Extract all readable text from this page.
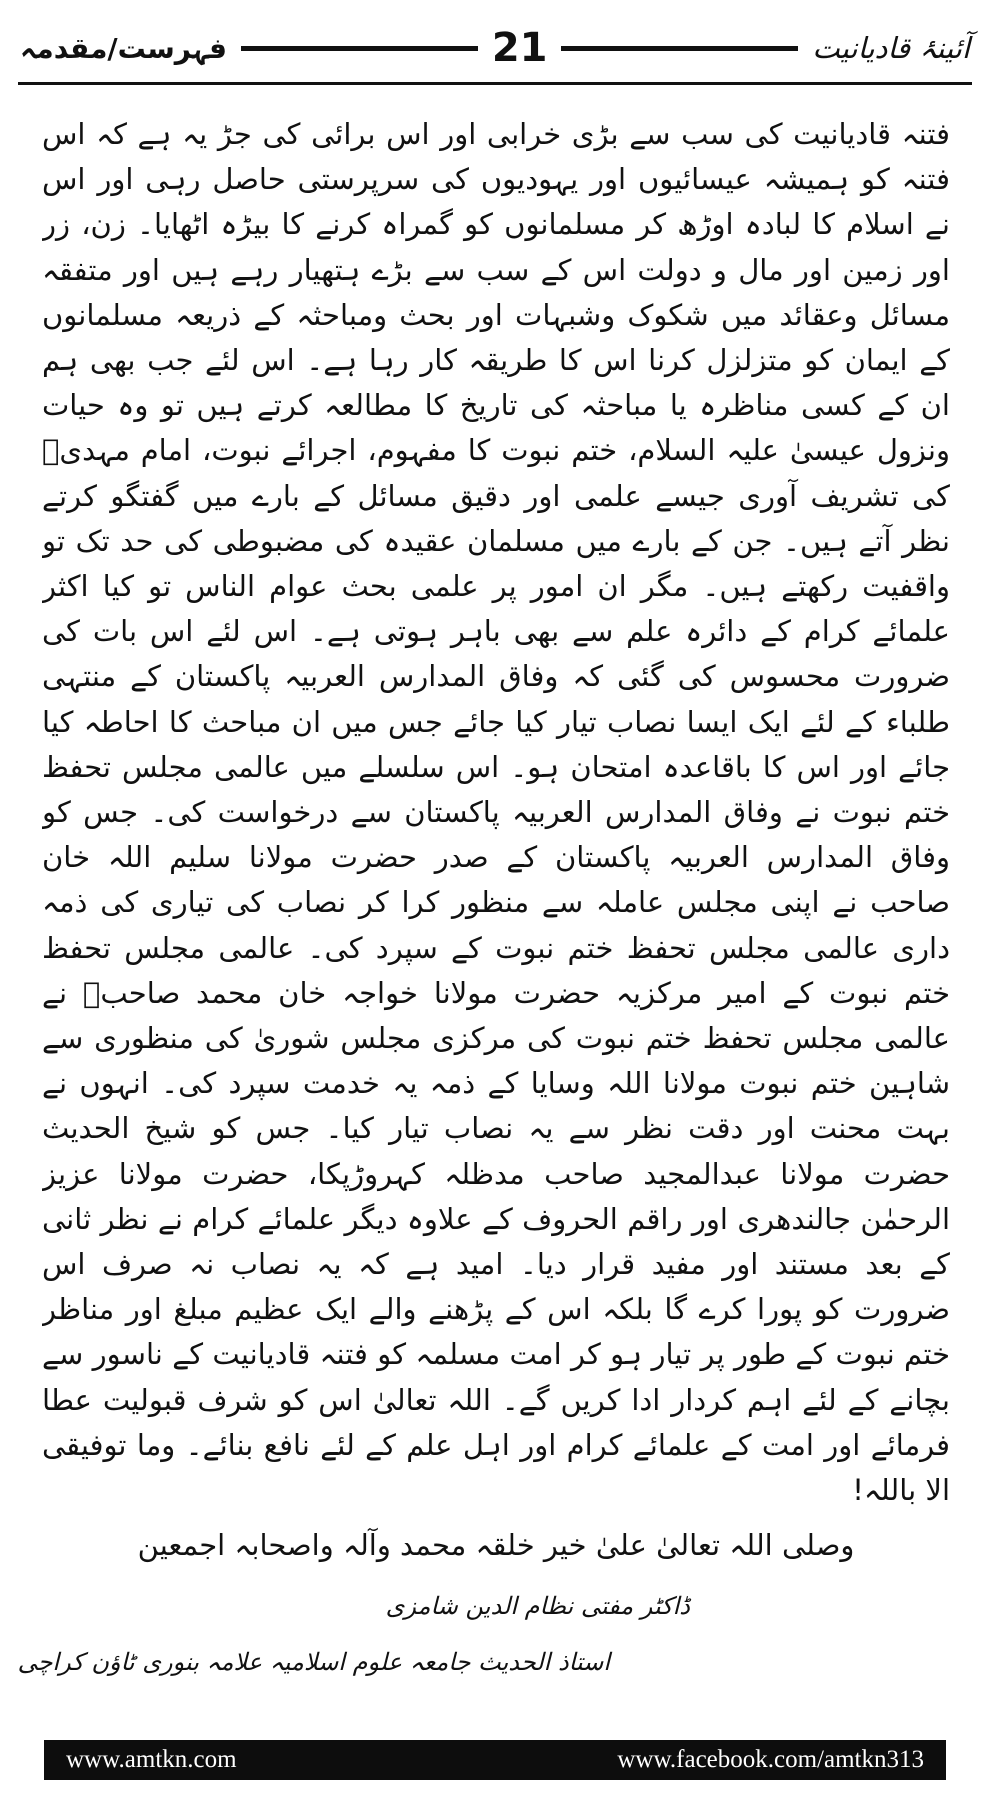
فہرست/مقدمہ	21	آئینۂ قادیانیت
فتنہ قادیانیت کی سب سے بڑی خرابی اور اس برائی کی جڑ یہ ہے کہ اس فتنہ کو ہمیشہ عیسائیوں اور یہودیوں کی سرپرستی حاصل رہی اور اس نے اسلام کا لبادہ اوڑھ کر مسلمانوں کو گمراہ کرنے کا بیڑہ اٹھایا۔ زن، زر اور زمین اور مال و دولت اس کے سب سے بڑے ہتھیار رہے ہیں اور متفقہ مسائل وعقائد میں شکوک وشبہات اور بحث ومباحثہ کے ذریعہ مسلمانوں کے ایمان کو متزلزل کرنا اس کا طریقہ کار رہا ہے۔ اس لئے جب بھی ہم ان کے کسی مناظرہ یا مباحثہ کی تاریخ کا مطالعہ کرتے ہیں تو وہ حیات ونزول عیسیٰ علیہ السلام، ختم نبوت کا مفہوم، اجرائے نبوت، امام مہدیؑ کی تشریف آوری جیسے علمی اور دقیق مسائل کے بارے میں گفتگو کرتے نظر آتے ہیں۔ جن کے بارے میں مسلمان عقیدہ کی مضبوطی کی حد تک تو واقفیت رکھتے ہیں۔ مگر ان امور پر علمی بحث عوام الناس تو کیا اکثر علمائے کرام کے دائرہ علم سے بھی باہر ہوتی ہے۔ اس لئے اس بات کی ضرورت محسوس کی گئی کہ وفاق المدارس العربیہ پاکستان کے منتہی طلباء کے لئے ایک ایسا نصاب تیار کیا جائے جس میں ان مباحث کا احاطہ کیا جائے اور اس کا باقاعدہ امتحان ہو۔ اس سلسلے میں عالمی مجلس تحفظ ختم نبوت نے وفاق المدارس العربیہ پاکستان سے درخواست کی۔ جس کو وفاق المدارس العربیہ پاکستان کے صدر حضرت مولانا سلیم اللہ خان صاحب نے اپنی مجلس عاملہ سے منظور کرا کر نصاب کی تیاری کی ذمہ داری عالمی مجلس تحفظ ختم نبوت کے سپرد کی۔ عالمی مجلس تحفظ ختم نبوت کے امیر مرکزیہ حضرت مولانا خواجہ خان محمد صاحبؒ نے عالمی مجلس تحفظ ختم نبوت کی مرکزی مجلس شوریٰ کی منظوری سے شاہین ختم نبوت مولانا اللہ وسایا کے ذمہ یہ خدمت سپرد کی۔ انہوں نے بہت محنت اور دقت نظر سے یہ نصاب تیار کیا۔ جس کو شیخ الحدیث حضرت مولانا عبدالمجید صاحب مدظلہ کہروڑپکا، حضرت مولانا عزیز الرحمٰن جالندھری اور راقم الحروف کے علاوہ دیگر علمائے کرام نے نظر ثانی کے بعد مستند اور مفید قرار دیا۔ امید ہے کہ یہ نصاب نہ صرف اس ضرورت کو پورا کرے گا بلکہ اس کے پڑھنے والے ایک عظیم مبلغ اور مناظر ختم نبوت کے طور پر تیار ہو کر امت مسلمہ کو فتنہ قادیانیت کے ناسور سے بچانے کے لئے اہم کردار ادا کریں گے۔ اللہ تعالیٰ اس کو شرف قبولیت عطا فرمائے اور امت کے علمائے کرام اور اہل علم کے لئے نافع بنائے۔ وما توفیقی الا باللہ!
وصلی اللہ تعالیٰ علیٰ خیر خلقہ محمد وآلہ واصحابہ اجمعین
ڈاکٹر مفتی نظام الدین شامزی
استاذ الحدیث جامعہ علوم اسلامیہ علامہ بنوری ٹاؤن کراچی
www.amtkn.com	www.facebook.com/amtkn313
